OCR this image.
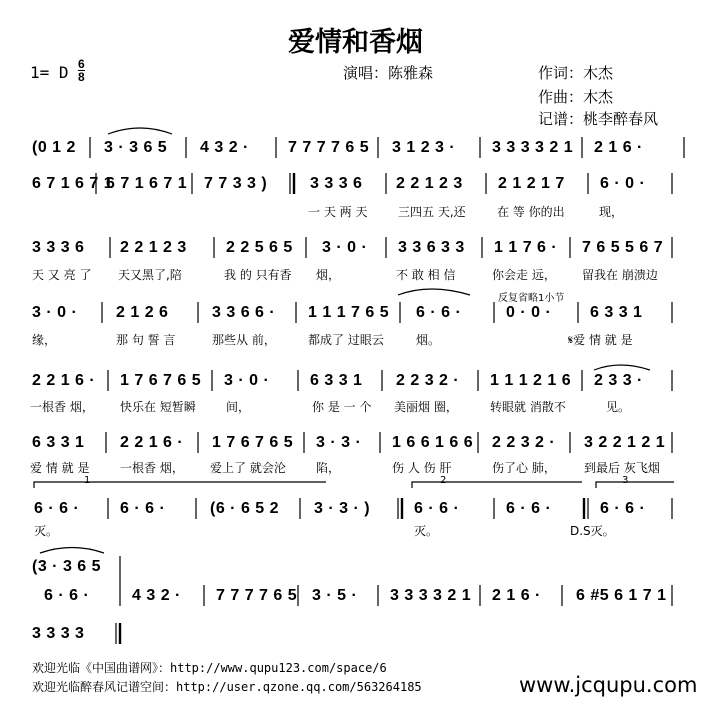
爱情和香烟
1= D 6
8	演唱：陈雅森	作词：木杰
作曲：木杰
记谱：桃李醉春风
(0 1 2 3 · 3 6 5 4 3 2 · 7 7 7 7 6 5 3 1 2 3 · 3 3 3 3 2 1 2 1 6 ·
6 7 1 6 7 1
6 7 1 6 7 1 7 7 3 3 )	3 3 3 6 2 2 1 2 3 2 1 2 1 7 6 · 0 ·
一 天 两 天	三四五 天,还	在 等 你的出	现，
3 3 3 6 2 2 1 2 3 2 2 5 6 5 3 · 0 · 3 3 6 3 3 1 1 7 6 · 7 6 5 5 6 7
天 又 亮 了 天又黑了,陪	我 的 只有香 烟，	不 敢 相 信	你会走 远， 留我在 崩溃边
3 · 0 · 2 1 2 6	3 3 6 6 · 1 1 1 7 6 5 6 · 6 ·	0 · 0 · 6 3 3 1
反复省略1小节
缘，	那 句 誓 言	那些从 前，	都成了 过眼云	烟。	𝄋爱 情 就 是
2 2 1 6 · 1 7 6 7 6 5 3 · 0 ·	6 3 3 1 2 2 3 2 · 1 1 1 2 1 6 2 3 3 ·
一根香 烟， 快乐在 短暂瞬	间，	你 是 一 个 美丽烟 圈，	转眼就 消散不	见。
6 3 3 1 2 2 1 6 · 1 7 6 7 6 5 3 · 3 · 1 6 6 1 6 6 2 2 3 2 · 3 2 2 1 2 1
爱 情 就 是	一根香 烟， 爱上了 就会沦	陷，	伤 人 伤 肝	伤了心 肺， 到最后 灰飞烟
1	2	3
6 · 6 ·	6 · 6 ·	(6 · 6 5 2 3 · 3 · )	6 · 6 ·	6 · 6 ·	6 · 6 ·
灭。	灭。	D.S灭。
(3 · 3 6 5
6 · 6 ·	4 3 2 · 7 7 7 7 6 5 3 · 5 · 3 3 3 3 2 1 2 1 6 · 6 #5 6 1 7 1
3 3 3 3
欢迎光临《中国曲谱网》：http://www.qupu123.com/space/6
欢迎光临醉春风记谱空间：http://user.qzone.qq.com/563264185	www.jcqupu.com
